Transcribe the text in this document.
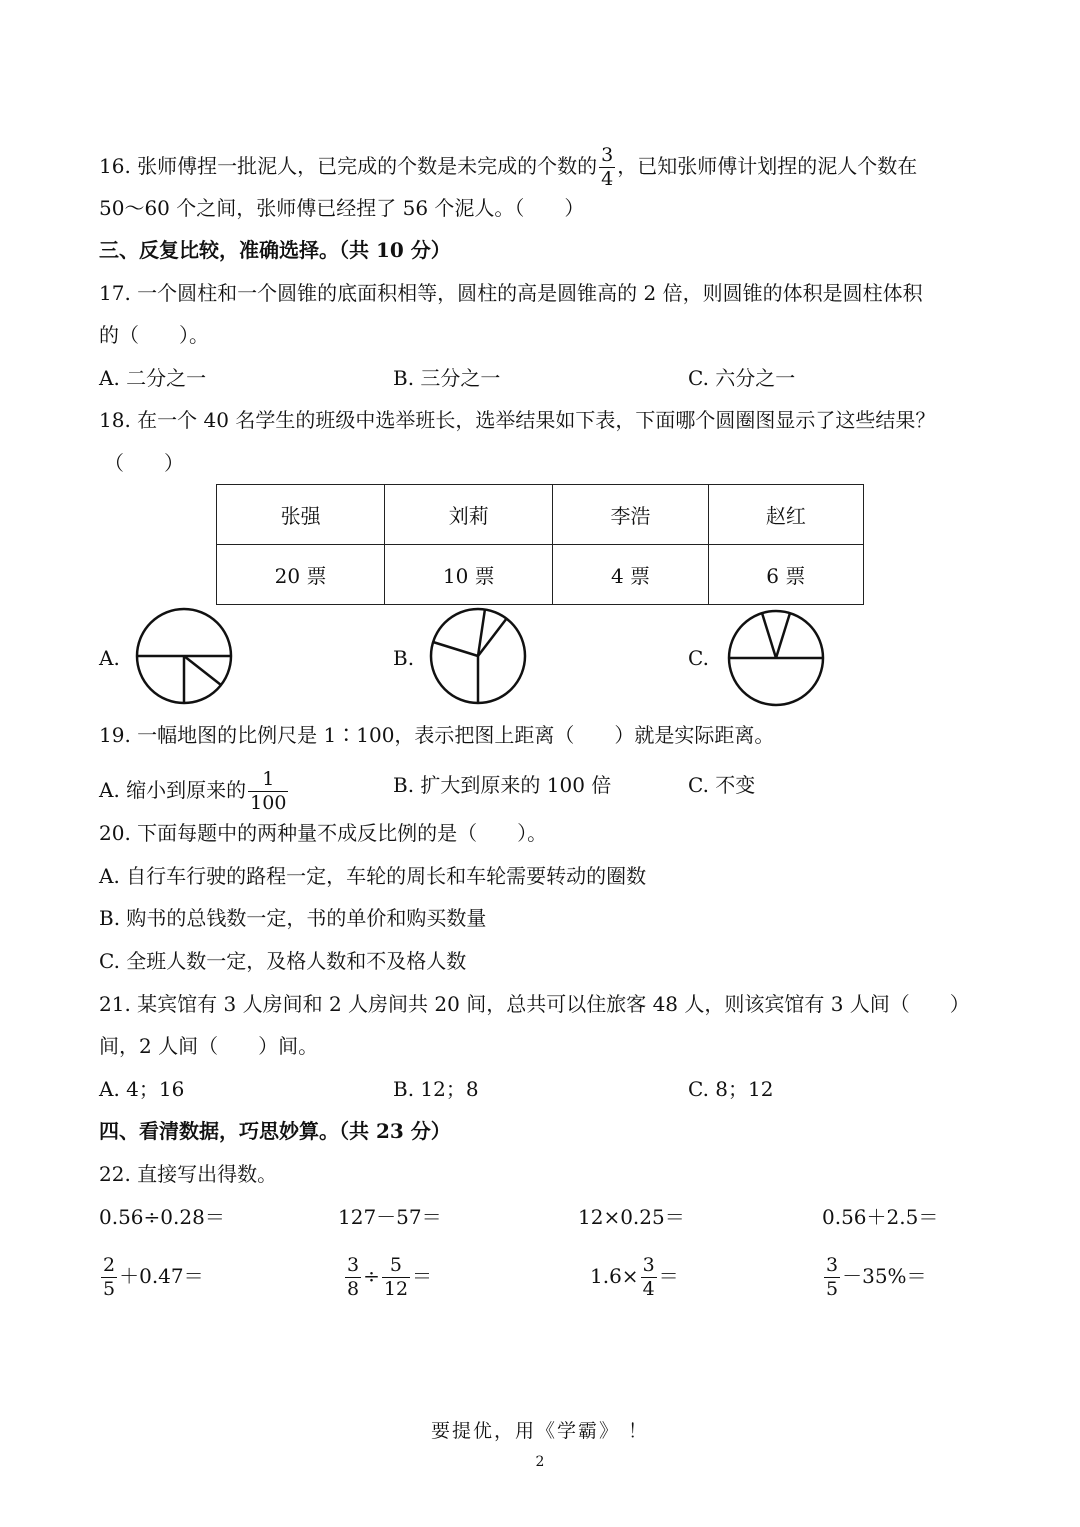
16. 张师傅捏一批泥人，已完成的个数是未完成的个数的 $\frac{3}{4}$ ，已知张师傅计划捏的泥人个数在
50～60 个之间，张师傅已经捏了 56 个泥人。（　　）
三、反复比较，准确选择。（共 10 分）
17. 一个圆柱和一个圆锥的底面积相等，圆柱的高是圆锥高的 2 倍，则圆锥的体积是圆柱体积
的（　　）。
A. 二分之一	B. 三分之一	C. 六分之一
18. 在一个 40 名学生的班级中选举班长，选举结果如下表，下面哪个圆圈图显示了这些结果？
（　　）
张强	刘莉	李浩	赵红
20 票	10 票	4 票	6 票
A.	B.	C.
19. 一幅地图的比例尺是 1∶100，表示把图上距离（　　）就是实际距离。
A. 缩小到原来的 $\frac{1}{100}$	B. 扩大到原来的 100 倍	C. 不变
20. 下面每题中的两种量不成反比例的是（　　）。
A. 自行车行驶的路程一定，车轮的周长和车轮需要转动的圈数
B. 购书的总钱数一定，书的单价和购买数量
C. 全班人数一定，及格人数和不及格人数
21. 某宾馆有 3 人房间和 2 人房间共 20 间，总共可以住旅客 48 人，则该宾馆有 3 人间（　　）
间，2 人间（　　）间。
A. 4；16	B. 12；8	C. 8；12
四、看清数据，巧思妙算。（共 23 分）
22. 直接写出得数。
0.56÷0.28＝	127－57＝	12×0.25＝	0.56＋2.5＝
$\frac{2}{5} +0.47=$	$\frac{3}{8} \div \frac{5}{12}$ ＝	$1.6\times \frac{3}{4}$ ＝	$\frac{3}{5} -35\%=$
要提优，用《学霸》 ！
2
